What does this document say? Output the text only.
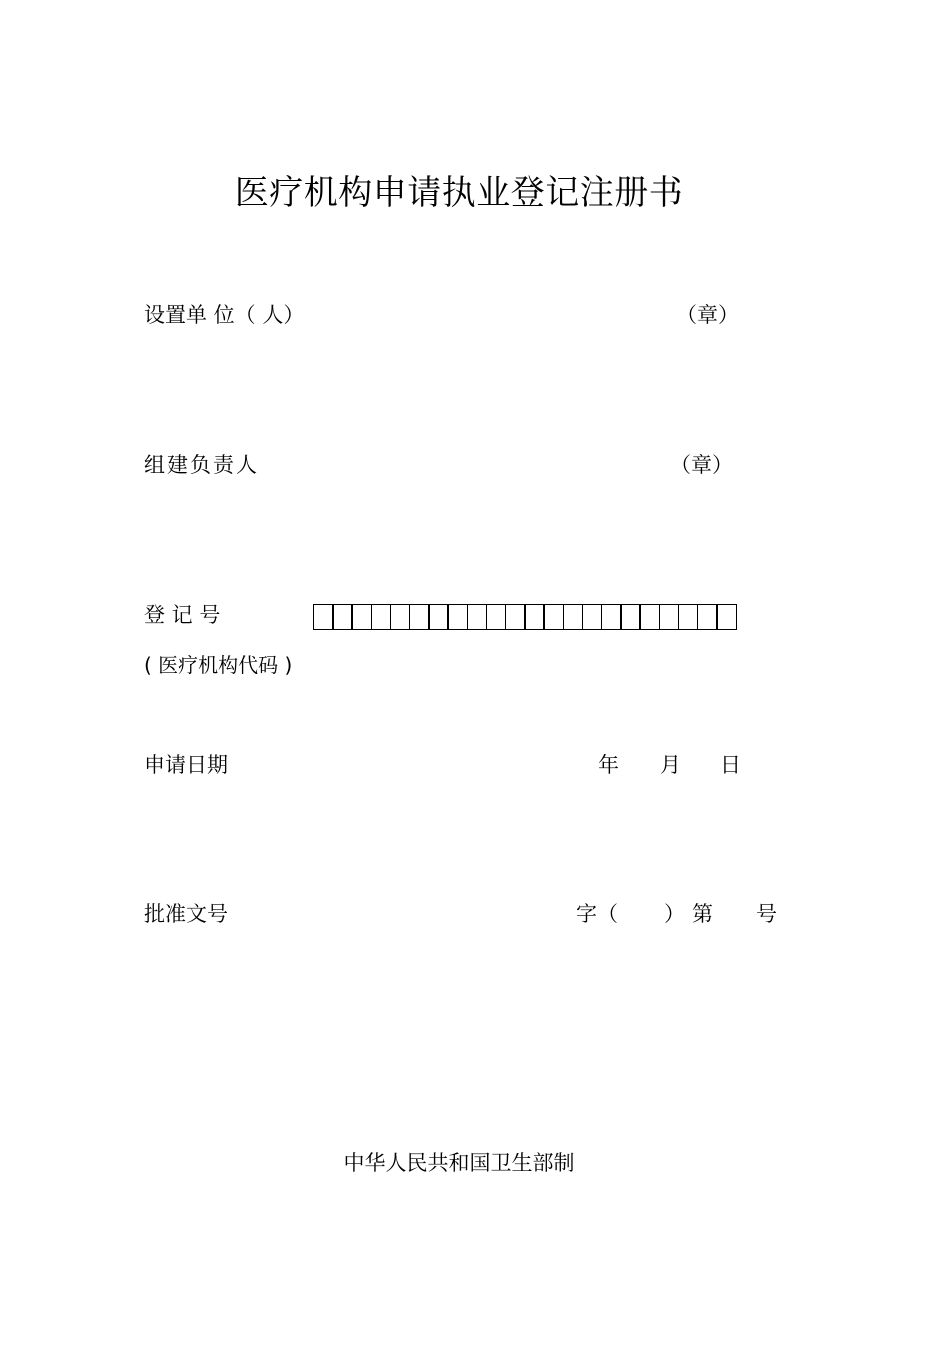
医疗机构申请执业登记注册书
设置单 位（ 人）	（章）
组建负责人	（章）
登 记 号
( 医疗机构代码 )
申请日期	年 月 日
批准文号	字（ ） 第 号
中华人民共和国卫生部制
